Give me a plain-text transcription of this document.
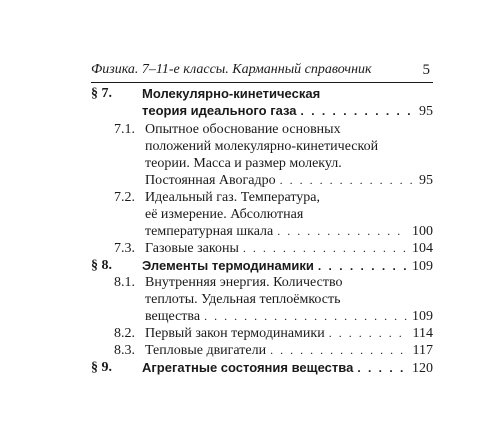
Физика. 7–11-е классы. Карманный справочник	5
§ 7.	Молекулярно-кинетическая
теория идеального газа . . .	95
7.1. Опытное обоснование основных
положений молекулярно-кинетической
теории. Масса и размер молекул.
Постоянная Авогадро . . .	95
7.2. Идеальный газ. Температура,
её измерение. Абсолютная
температурная шкала . . .	100
7.3. Газовые законы . . .	104
§ 8.	Элементы термодинамики . . .	109
8.1. Внутренняя энергия. Количество
теплоты. Удельная теплоёмкость
вещества . . .	109
8.2. Первый закон термодинамики . . .	114
8.3. Тепловые двигатели . . .	117
§ 9.	Агрегатные состояния вещества . . .	120
